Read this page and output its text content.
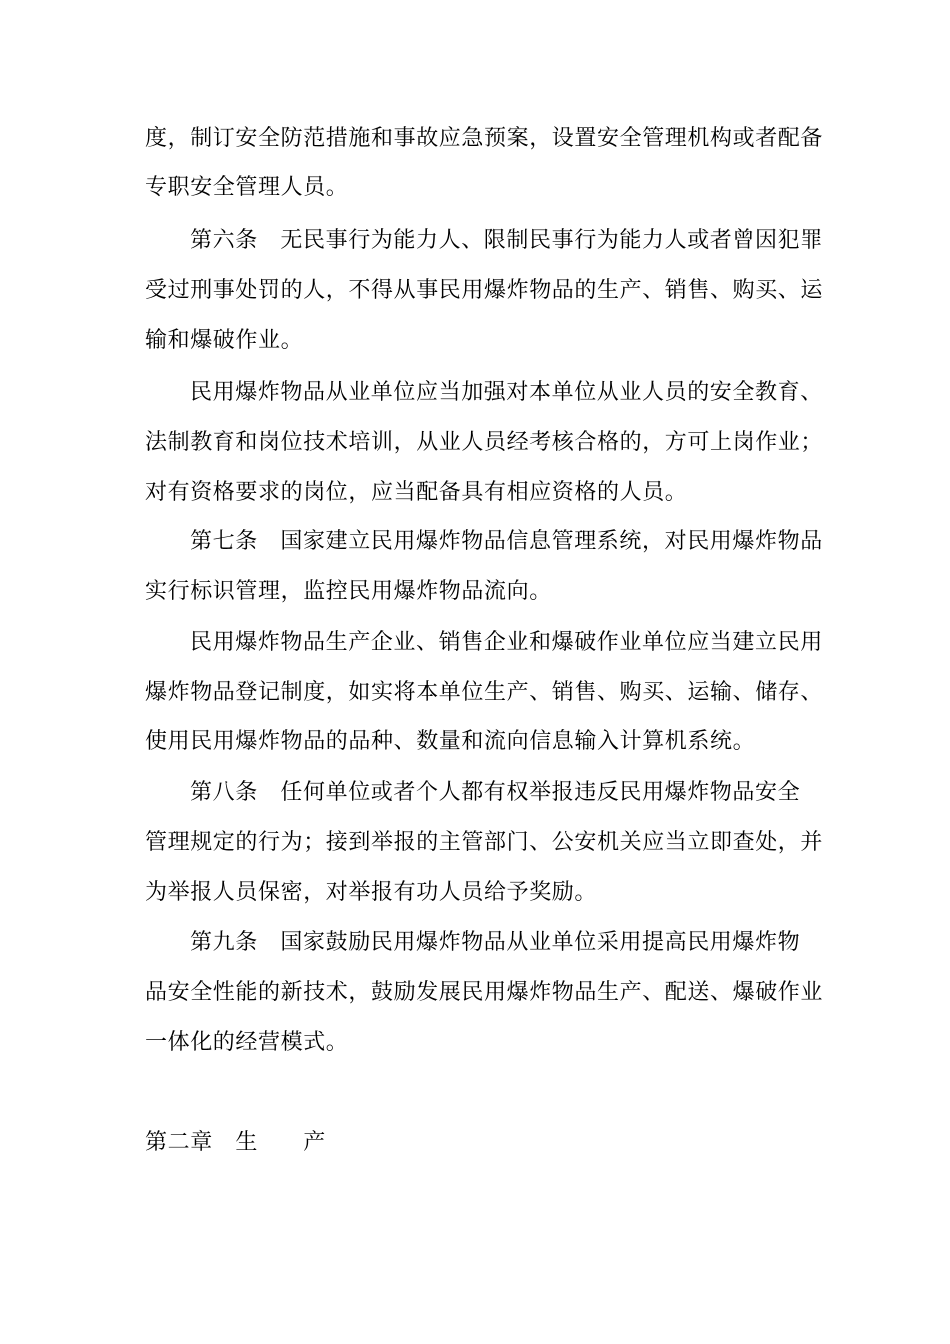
度，制订安全防范措施和事故应急预案，设置安全管理机构或者配备
专职安全管理人员。
第六条　无民事行为能力人、限制民事行为能力人或者曾因犯罪
受过刑事处罚的人，不得从事民用爆炸物品的生产、销售、购买、运
输和爆破作业。
民用爆炸物品从业单位应当加强对本单位从业人员的安全教育、
法制教育和岗位技术培训，从业人员经考核合格的，方可上岗作业；
对有资格要求的岗位，应当配备具有相应资格的人员。
第七条　国家建立民用爆炸物品信息管理系统，对民用爆炸物品
实行标识管理，监控民用爆炸物品流向。
民用爆炸物品生产企业、销售企业和爆破作业单位应当建立民用
爆炸物品登记制度，如实将本单位生产、销售、购买、运输、储存、
使用民用爆炸物品的品种、数量和流向信息输入计算机系统。
第八条　任何单位或者个人都有权举报违反民用爆炸物品安全
管理规定的行为；接到举报的主管部门、公安机关应当立即查处，并
为举报人员保密，对举报有功人员给予奖励。
第九条　国家鼓励民用爆炸物品从业单位采用提高民用爆炸物
品安全性能的新技术，鼓励发展民用爆炸物品生产、配送、爆破作业
一体化的经营模式。
第二章　生　　产
